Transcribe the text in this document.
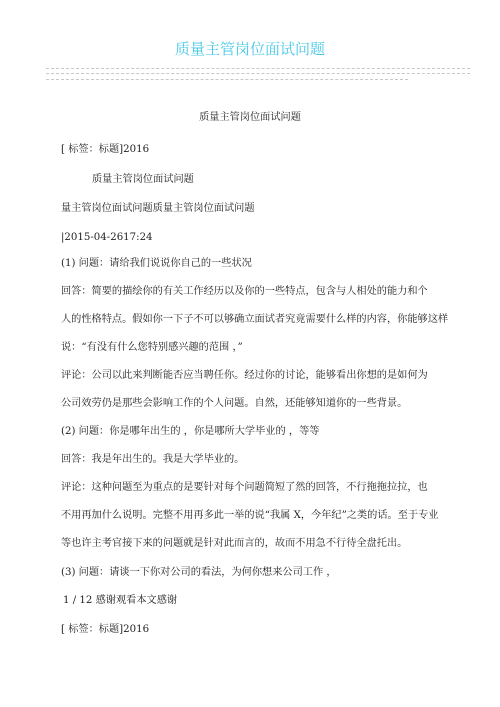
质量主管岗位面试问题
质量主管岗位面试问题
[ 标签：标题]2016
质量主管岗位面试问题
量主管岗位面试问题质量主管岗位面试问题
|2015-04-2617:24
(1) 问题：请给我们说说你自己的一些状况
回答：简要的描绘你的有关工作经历以及你的一些特点，包含与人相处的能力和个
人的性格特点。假如你一下子不可以够确立面试者究竟需要什么样的内容，你能够这样
说：“有没有什么您特别感兴趣的范围 ，”
评论：公司以此来判断能否应当聘任你。经过你的讨论，能够看出你想的是如何为
公司效劳仍是那些会影响工作的个人问题。自然，还能够知道你的一些背景。
(2) 问题：你是哪年出生的 ，你是哪所大学毕业的 ，等等
回答：我是年出生的。我是大学毕业的。
评论：这种问题至为重点的是要针对每个问题简短了然的回答，不行拖拖拉拉，也
不用再加什么说明。完整不用再多此一举的说“我属 X，今年纪”之类的话。至于专业
等也许主考官接下来的问题就是针对此而言的，故而不用急不行待全盘托出。
(3) 问题：请谈一下你对公司的看法，为何你想来公司工作 ，
1 / 12 感谢观看本文感谢
[ 标签：标题]2016
